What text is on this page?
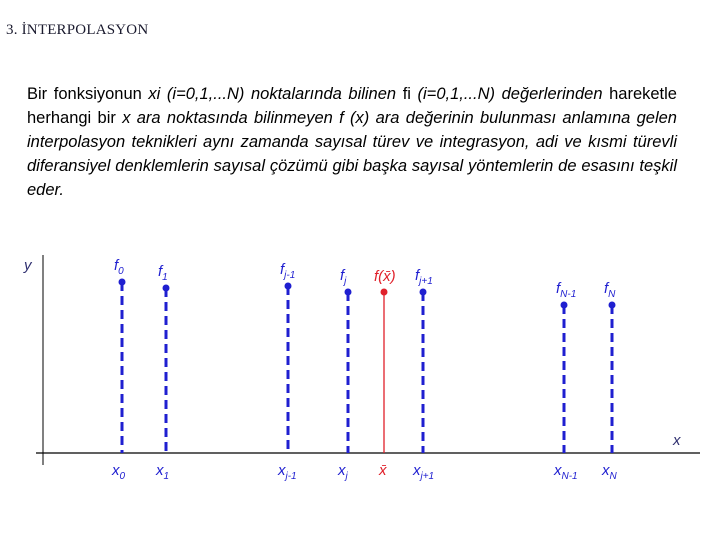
3. İNTERPOLASYON
Bir fonksiyonun xi (i=0,1,...N) noktalarında bilinen fi (i=0,1,...N) değerlerinden hareketle herhangi bir x ara noktasında bilinmeyen f (x) ara değerinin bulunması anlamına gelen interpolasyon teknikleri aynı zamanda sayısal türev ve integrasyon, adi ve kısmi türevli diferansiyel denklemlerin sayısal çözümü gibi başka sayısal yöntemlerin de esasını teşkil eder.
y
x
$f_0$
$x_0$
$f_1$
$x_1$
$f_{j-1}$
$x_{j-1}$
$f_j$
$x_j$
$f_{j+1}$
$x_{j+1}$
$f_{N-1}$
$x_{N-1}$
$f_N$
$x_N$
f(x̄)
x̄
